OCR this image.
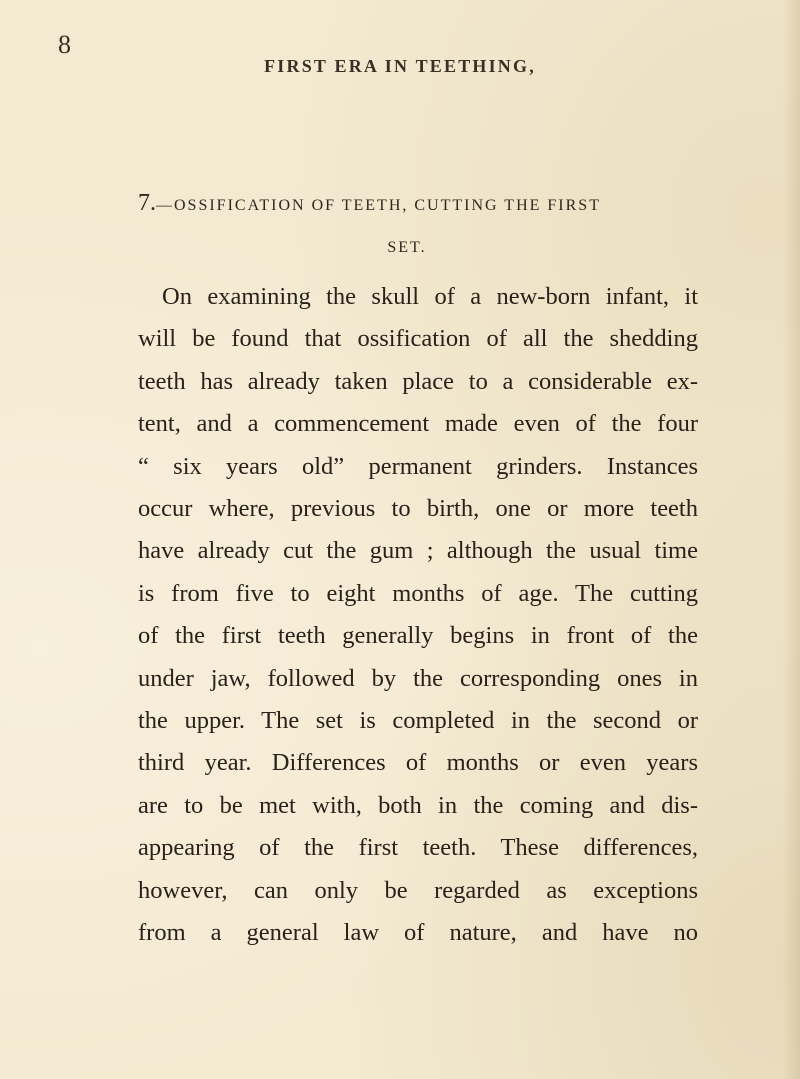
8
FIRST ERA IN TEETHING,
7.—OSSIFICATION OF TEETH, CUTTING THE FIRST
SET.
On examining the skull of a new-born infant, it
will be found that ossification of all the shedding
teeth has already taken place to a considerable ex-
tent, and a commencement made even of the four
“ six years old” permanent grinders. Instances
occur where, previous to birth, one or more teeth
have already cut the gum ; although the usual time
is from five to eight months of age. The cutting
of the first teeth generally begins in front of the
under jaw, followed by the corresponding ones in
the upper. The set is completed in the second or
third year. Differences of months or even years
are to be met with, both in the coming and dis-
appearing of the first teeth. These differences,
however, can only be regarded as exceptions
from a general law of nature, and have no
